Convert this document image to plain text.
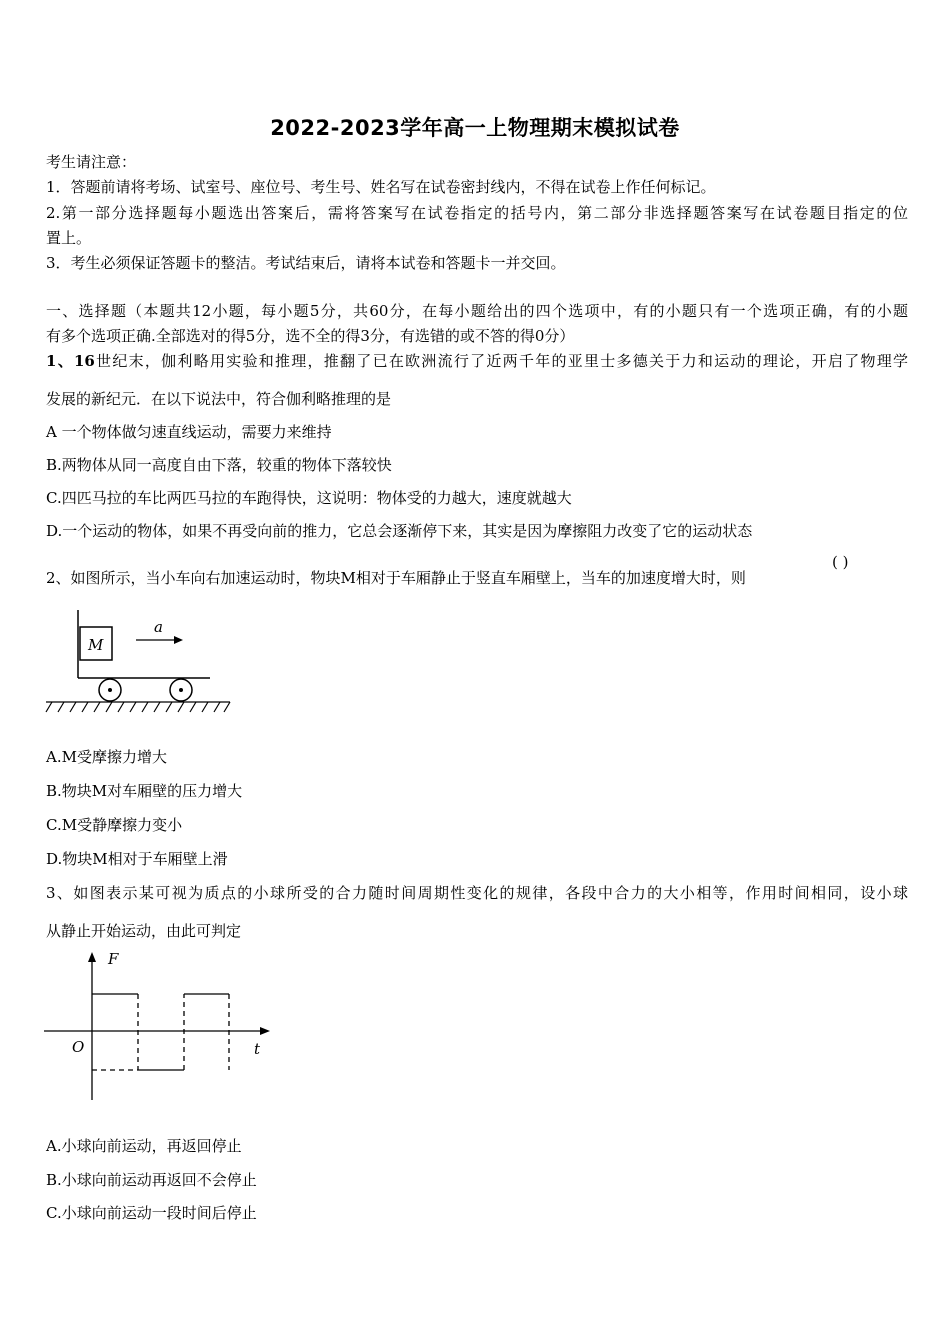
2022-2023学年高一上物理期末模拟试卷
考生请注意：
1．答题前请将考场、试室号、座位号、考生号、姓名写在试卷密封线内，不得在试卷上作任何标记。
2.第一部分选择题每小题选出答案后，需将答案写在试卷指定的括号内，第二部分非选择题答案写在试卷题目指定的位
置上。
3．考生必须保证答题卡的整洁。考试结束后，请将本试卷和答题卡一并交回。
一、选择题（本题共12小题，每小题5分，共60分，在每小题给出的四个选项中，有的小题只有一个选项正确，有的小题
有多个选项正确.全部选对的得5分，选不全的得3分，有选错的或不答的得0分）
1、16世纪末，伽利略用实验和推理，推翻了已在欧洲流行了近两千年的亚里士多德关于力和运动的理论，开启了物理学
发展的新纪元．在以下说法中，符合伽利略推理的是
A 一个物体做匀速直线运动，需要力来维持
B.两物体从同一高度自由下落，较重的物体下落较快
C.四匹马拉的车比两匹马拉的车跑得快，这说明：物体受的力越大，速度就越大
D.一个运动的物体，如果不再受向前的推力，它总会逐渐停下来，其实是因为摩擦阻力改变了它的运动状态
2、如图所示，当小车向右加速运动时，物块M相对于车厢静止于竖直车厢壁上，当车的加速度增大时，则
( )
M
a
A.M受摩擦力增大
B.物块M对车厢壁的压力增大
C.M受静摩擦力变小
D.物块M相对于车厢壁上滑
3、如图表示某可视为质点的小球所受的合力随时间周期性变化的规律，各段中合力的大小相等，作用时间相同，设小球
从静止开始运动，由此可判定
F
t
O
A.小球向前运动，再返回停止
B.小球向前运动再返回不会停止
C.小球向前运动一段时间后停止
